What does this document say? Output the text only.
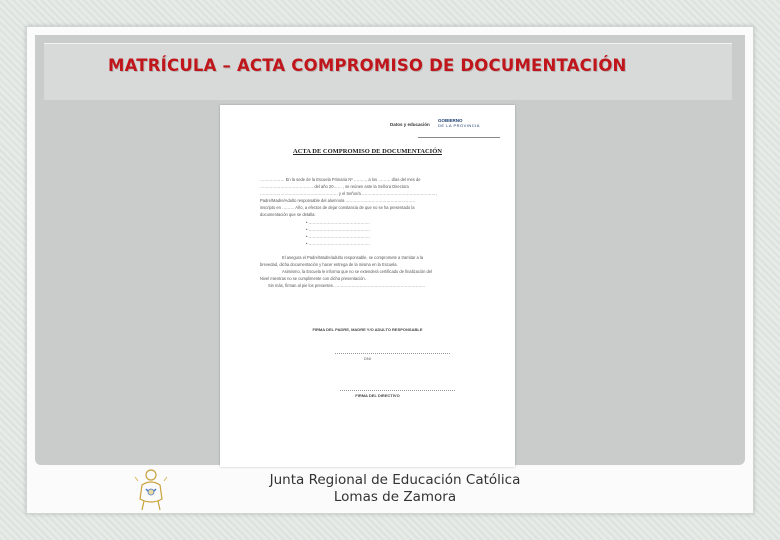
MATRÍCULA – ACTA COMPROMISO DE DOCUMENTACIÓN
Datos y educación
GOBIERNO
DE LA PROVINCIA
ACTA DE COMPROMISO DE DOCUMENTACIÓN
……………… En la sede de la Escuela Primaria Nº ………, a los ……… días del mes de
………………………………… del año 20…… , se reúnen ante la Señora Directora
………………………………………………… y el Señor/a ………………………………………………,
Padre/Madre/Adulto responsable del alumno/a ……………………………………………
inscripto en ……… Año, a efectos de dejar constancia de que no se ha presentado la
documentación que se detalla:
• ………………………………………
• ………………………………………
• ………………………………………
• ………………………………………
El asegura el Padre/Madre/adulto responsable, se compromete a tramitar a la
brevedad, dicha documentación y hacer entrega de la misma en la Escuela.
Asimismo, la Escuela le informa que no se extenderá certificado de finalización del
Nivel mientras no se cumplimente con dicha presentación.
Sin más, firman al pie los presentes. …………………………………………………………
FIRMA DEL PADRE, MADRE Y/O ADULTO RESPONSABLE
DNI
FIRMA DEL DIRECTIVO
Junta Regional de Educación Católica
Lomas de Zamora
